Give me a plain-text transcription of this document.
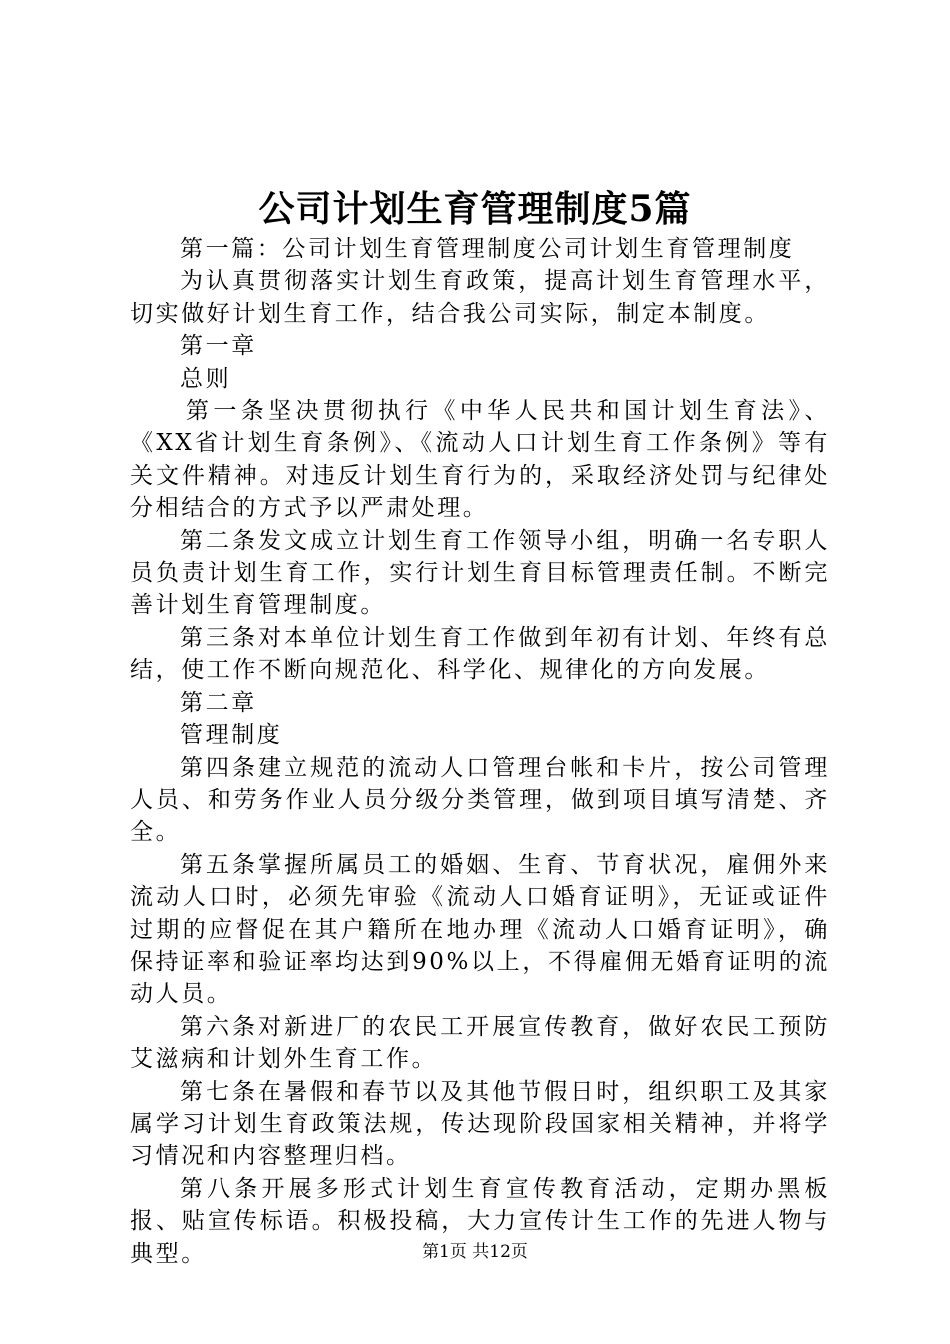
公司计划生育管理制度5篇

第一篇：公司计划生育管理制度公司计划生育管理制度

为认真贯彻落实计划生育政策，提高计划生育管理水平，切实做好计划生育工作，结合我公司实际，制定本制度。

第一章

总则

第一条坚决贯彻执行《中华人民共和国计划生育法》、《XX省计划生育条例》、《流动人口计划生育工作条例》等有关文件精神。对违反计划生育行为的，采取经济处罚与纪律处分相结合的方式予以严肃处理。

第二条发文成立计划生育工作领导小组，明确一名专职人员负责计划生育工作，实行计划生育目标管理责任制。不断完善计划生育管理制度。

第三条对本单位计划生育工作做到年初有计划、年终有总结，使工作不断向规范化、科学化、规律化的方向发展。

第二章

管理制度

第四条建立规范的流动人口管理台帐和卡片，按公司管理人员、和劳务作业人员分级分类管理，做到项目填写清楚、齐全。

第五条掌握所属员工的婚姻、生育、节育状况，雇佣外来流动人口时，必须先审验《流动人口婚育证明》，无证或证件过期的应督促在其户籍所在地办理《流动人口婚育证明》，确保持证率和验证率均达到90%以上，不得雇佣无婚育证明的流动人员。

第六条对新进厂的农民工开展宣传教育，做好农民工预防艾滋病和计划外生育工作。

第七条在暑假和春节以及其他节假日时，组织职工及其家属学习计划生育政策法规，传达现阶段国家相关精神，并将学习情况和内容整理归档。

第八条开展多形式计划生育宣传教育活动，定期办黑板报、贴宣传标语。积极投稿，大力宣传计生工作的先进人物与典型。	第1页 共12页
